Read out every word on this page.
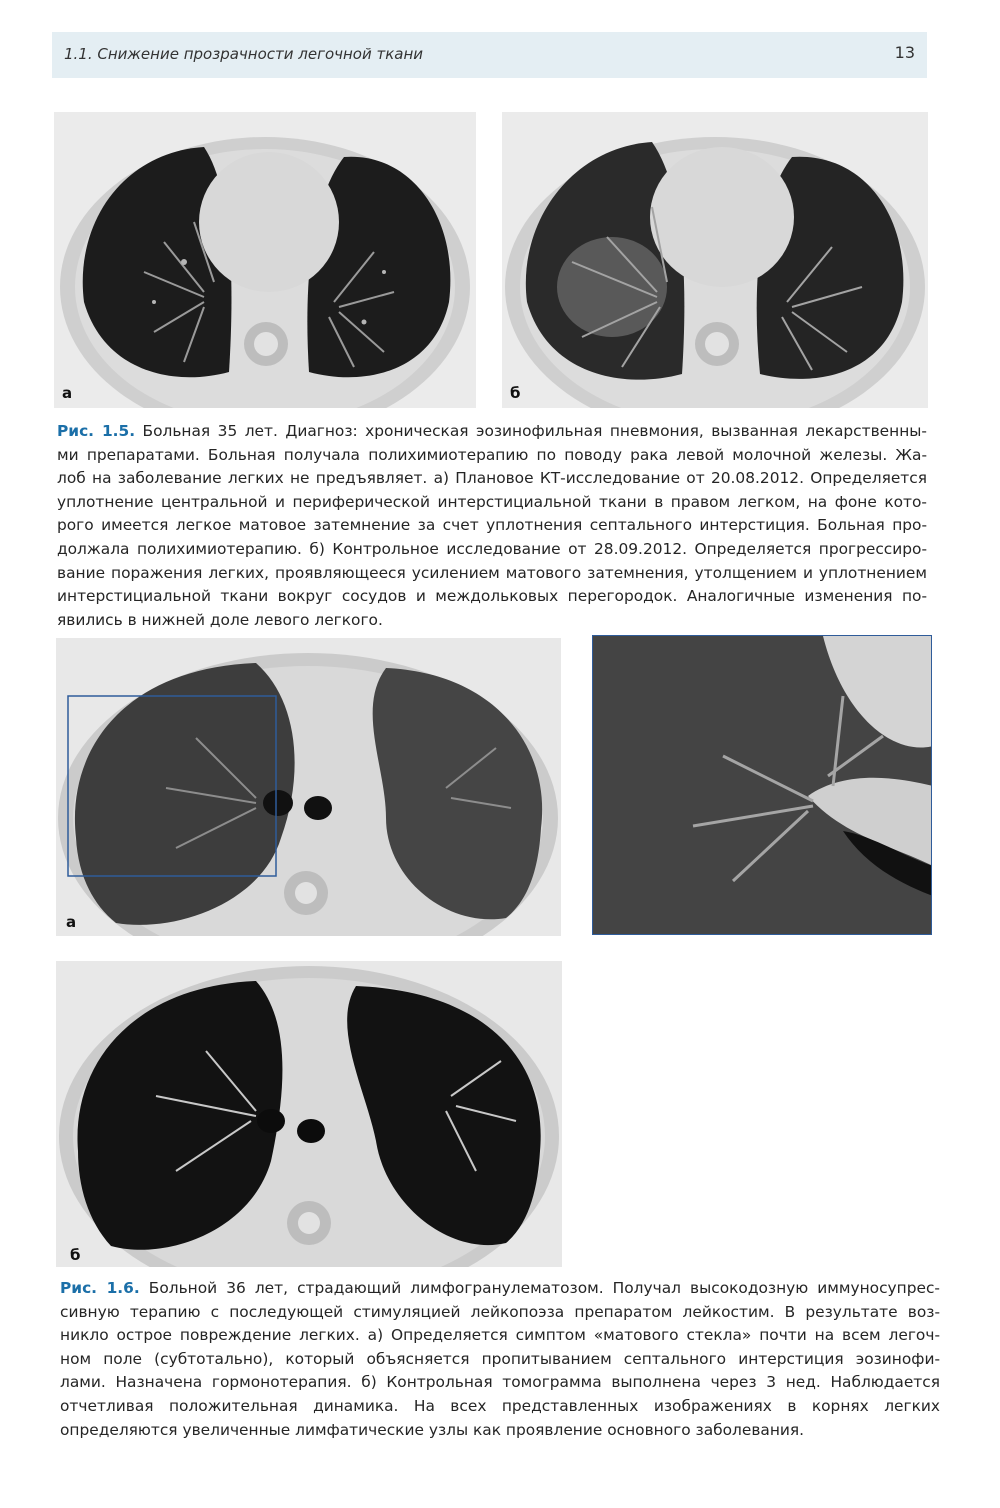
1.1. Снижение прозрачности легочной ткани	13
а	б
Рис. 1.5. Больная 35 лет. Диагноз: хроническая эозинофильная пневмония, вызванная лекарственны-
ми препаратами. Больная получала полихимиотерапию по поводу рака левой молочной железы. Жа-
лоб на заболевание легких не предъявляет. а) Плановое КТ-исследование от 20.08.2012. Определяется
уплотнение центральной и периферической интерстициальной ткани в правом легком, на фоне кото-
рого имеется легкое матовое затемнение за счет уплотнения септального интерстиция. Больная про-
должала полихимиотерапию. б) Контрольное исследование от 28.09.2012. Определяется прогрессиро-
вание поражения легких, проявляющееся усилением матового затемнения, утолщением и уплотнением
интерстициальной ткани вокруг сосудов и междольковых перегородок. Аналогичные изменения по-
явились в нижней доле левого легкого.
а
б
Рис. 1.6. Больной 36 лет, страдающий лимфогранулематозом. Получал высокодозную иммуносупрес-
сивную терапию с последующей стимуляцией лейкопоэза препаратом лейкостим. В результате воз-
никло острое повреждение легких. а) Определяется симптом «матового стекла» почти на всем легоч-
ном поле (субтотально), который объясняется пропитыванием септального интерстиция эозинофи-
лами. Назначена гормонотерапия. б) Контрольная томограмма выполнена через 3 нед. Наблюдается
отчетливая положительная динамика. На всех представленных изображениях в корнях легких
определяются увеличенные лимфатические узлы как проявление основного заболевания.
